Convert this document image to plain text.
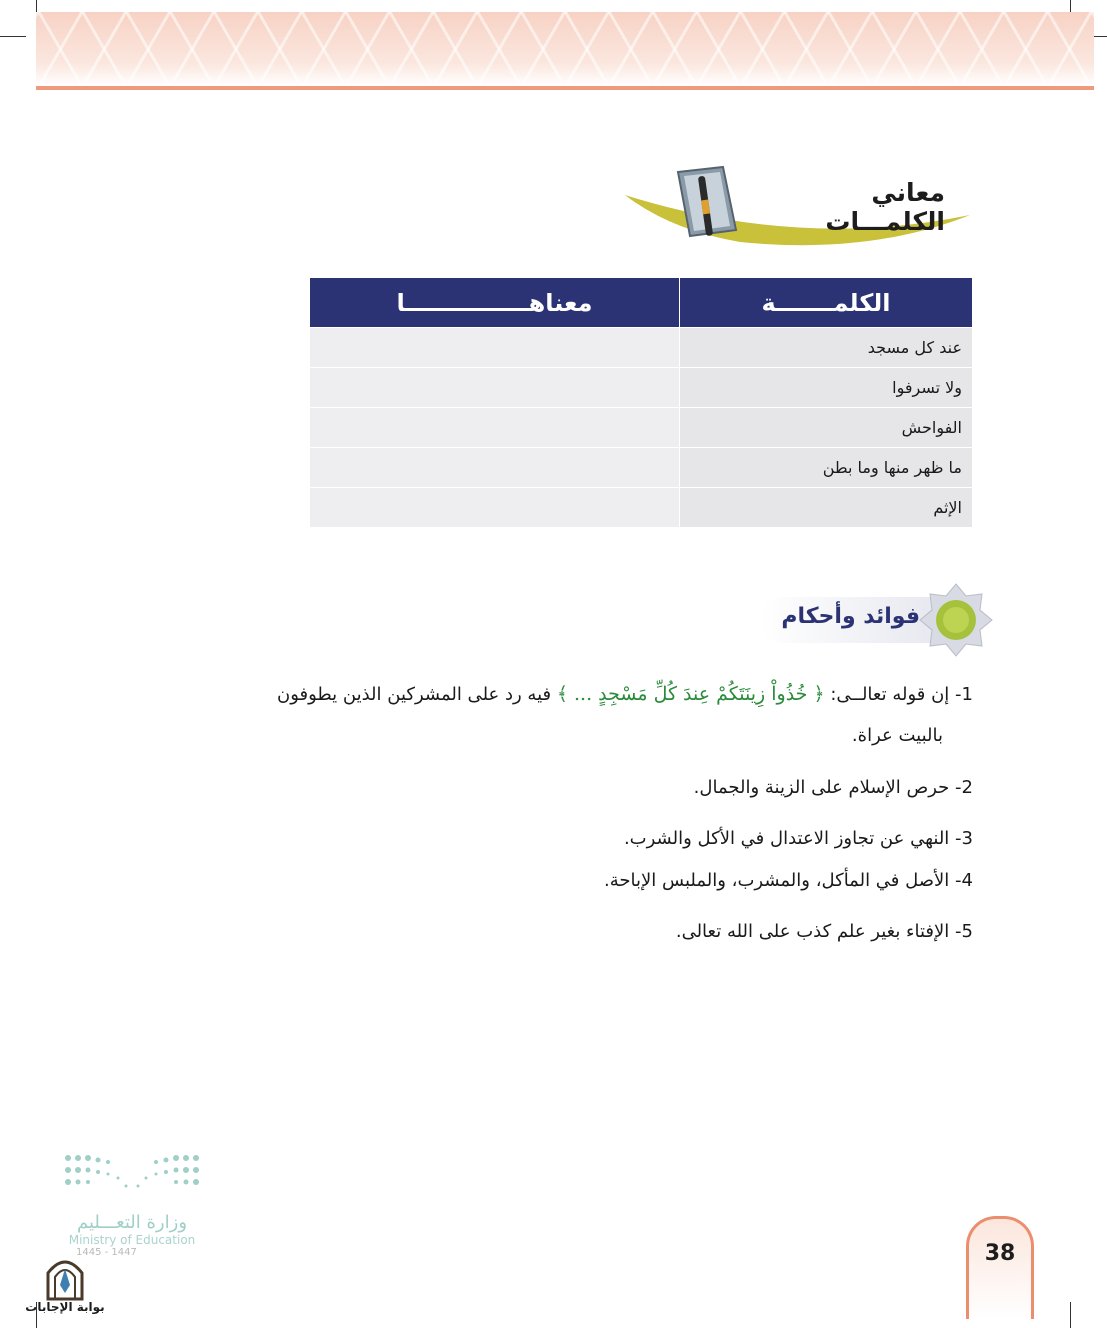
معاني الكلمـــات
الكلمـــــــة	معناهـــــــــــــــا
عند كل مسجد	
ولا تسرفوا	
الفواحش	
ما ظهر منها وما بطن	
الإثم	
فوائد وأحكام
1- إن قوله تعالــى: ﴿ خُذُواْ زِينَتَكُمْ عِندَ كُلِّ مَسْجِدٍ ... ﴾ فيه رد على المشركين الذين يطوفون
بالبيت عراة.
2- حرص الإسلام على الزينة والجمال.
3- النهي عن تجاوز الاعتدال في الأكل والشرب.
4- الأصل في المأكل، والمشرب، والملبس الإباحة.
5- الإفتاء بغير علم كذب على الله تعالى.
وزارة التعـــليم
Ministry of Education
1445 - 1447
بوابة الإجابات
38
